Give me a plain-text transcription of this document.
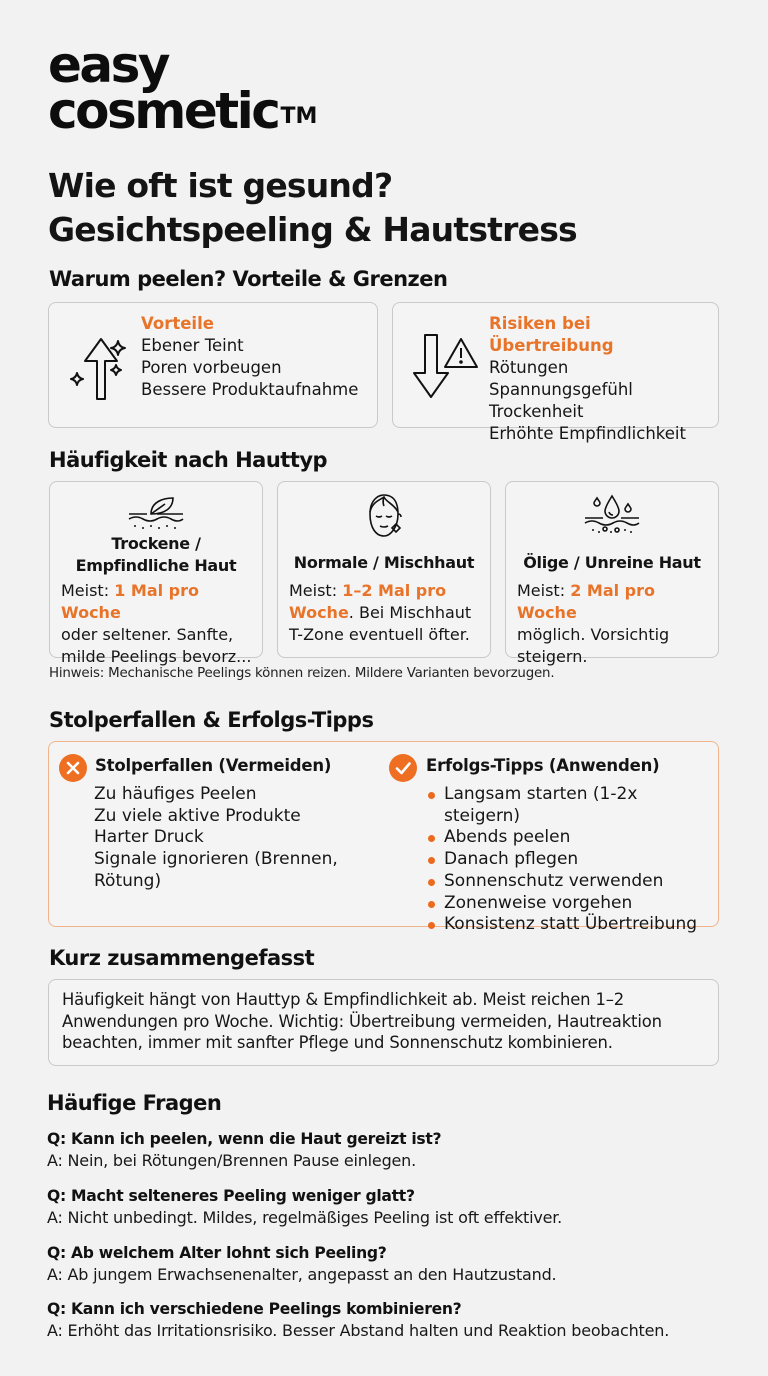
easy
cosmetic™
Wie oft ist gesund?
Gesichtspeeling & Hautstress
Warum peelen? Vorteile & Grenzen
Vorteile
Ebener Teint
Poren vorbeugen
Bessere Produktaufnahme
Risiken bei Übertreibung
Rötungen
Spannungsgefühl
Trockenheit
Erhöhte Empfindlichkeit
Häufigkeit nach Hauttyp
Trockene /
Empfindliche Haut
Meist: 1 Mal pro Woche
oder seltener. Sanfte,
milde Peelings bevorz...
Normale / Mischhaut
Meist: 1–2 Mal pro
Woche. Bei Mischhaut
T-Zone eventuell öfter.
Ölige / Unreine Haut
Meist: 2 Mal pro Woche
möglich. Vorsichtig
steigern.
Hinweis: Mechanische Peelings können reizen. Mildere Varianten bevorzugen.
Stolperfallen & Erfolgs-Tipps
Stolperfallen (Vermeiden)
Zu häufiges Peelen
Zu viele aktive Produkte
Harter Druck
Signale ignorieren (Brennen,
Rötung)
Erfolgs-Tipps (Anwenden)
Langsam starten (1-2x steigern)
Abends peelen
Danach pflegen
Sonnenschutz verwenden
Zonenweise vorgehen
Konsistenz statt Übertreibung
Kurz zusammengefasst

Häufigkeit hängt von Hauttyp & Empfindlichkeit ab. Meist reichen 1–2 Anwendungen pro Woche. Wichtig: Übertreibung vermeiden, Hautreaktion beachten, immer mit sanfter Pflege und Sonnenschutz kombinieren.

Häufige Fragen
Q: Kann ich peelen, wenn die Haut gereizt ist?
A: Nein, bei Rötungen/Brennen Pause einlegen.
Q: Macht selteneres Peeling weniger glatt?
A: Nicht unbedingt. Mildes, regelmäßiges Peeling ist oft effektiver.
Q: Ab welchem Alter lohnt sich Peeling?
A: Ab jungem Erwachsenenalter, angepasst an den Hautzustand.
Q: Kann ich verschiedene Peelings kombinieren?
A: Erhöht das Irritationsrisiko. Besser Abstand halten und Reaktion beobachten.
